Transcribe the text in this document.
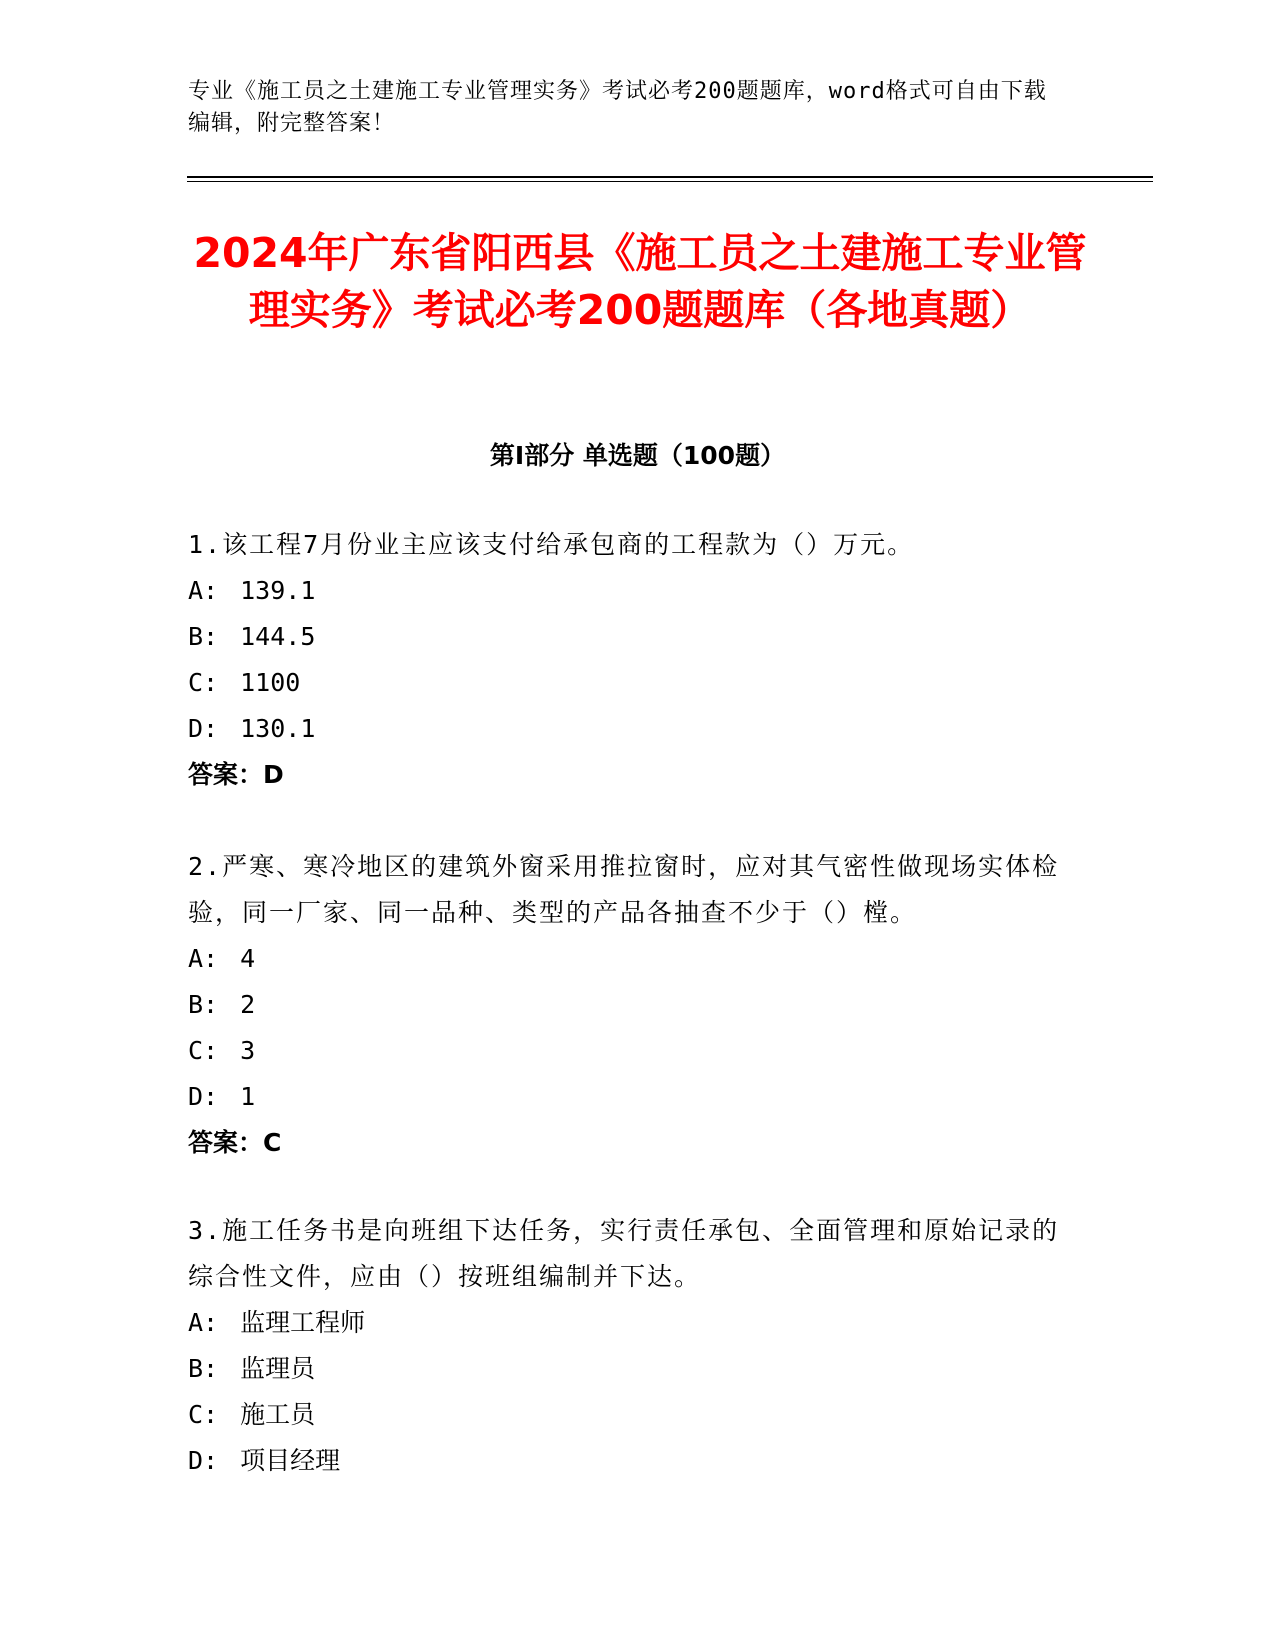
专业《施工员之土建施工专业管理实务》考试必考200题题库，word格式可自由下载编辑，附完整答案！
2024年广东省阳西县《施工员之土建施工专业管理实务》考试必考200题题库（各地真题）
第I部分 单选题（100题）

1.该工程7月份业主应该支付给承包商的工程款为（）万元。

A: 139.1

B: 144.5

C: 1100

D: 130.1

答案：D

2.严寒、寒冷地区的建筑外窗采用推拉窗时，应对其气密性做现场实体检验，同一厂家、同一品种、类型的产品各抽查不少于（）樘。

A: 4

B: 2

C: 3

D: 1

答案：C

3.施工任务书是向班组下达任务，实行责任承包、全面管理和原始记录的综合性文件，应由（）按班组编制并下达。

A: 监理工程师

B: 监理员

C: 施工员

D: 项目经理
